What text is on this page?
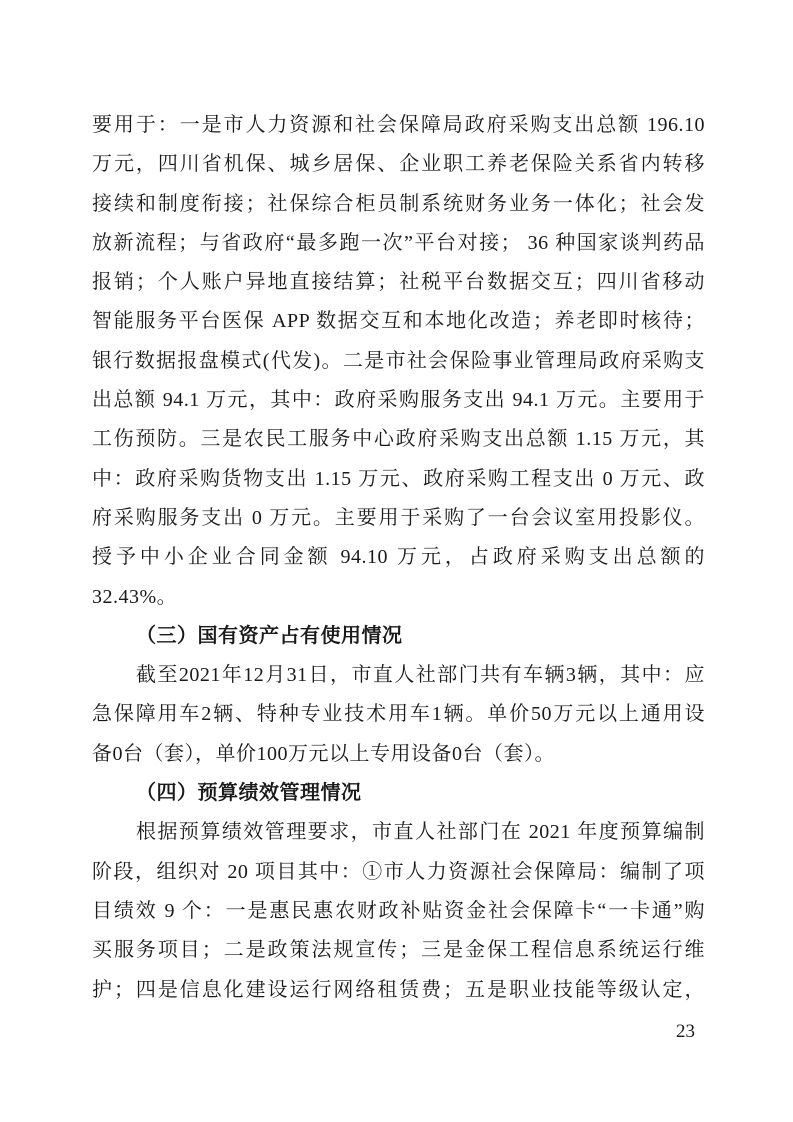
要用于：一是市人力资源和社会保障局政府采购支出总额 196.10

万元，四川省机保、城乡居保、企业职工养老保险关系省内转移

接续和制度衔接；社保综合柜员制系统财务业务一体化；社会发

放新流程；与省政府“最多跑一次”平台对接； 36 种国家谈判药品

报销；个人账户异地直接结算；社税平台数据交互；四川省移动

智能服务平台医保 APP 数据交互和本地化改造；养老即时核待；

银行数据报盘模式(代发)。二是市社会保险事业管理局政府采购支

出总额 94.1 万元，其中：政府采购服务支出 94.1 万元。主要用于

工伤预防。三是农民工服务中心政府采购支出总额 1.15 万元，其

中：政府采购货物支出 1.15 万元、政府采购工程支出 0 万元、政

府采购服务支出 0 万元。主要用于采购了一台会议室用投影仪。

授予中小企业合同金额 94.10 万元，占政府采购支出总额的

32.43%。

（三）国有资产占有使用情况

截至2021年12月31日，市直人社部门共有车辆3辆，其中：应

急保障用车2辆、特种专业技术用车1辆。单价50万元以上通用设

备0台（套），单价100万元以上专用设备0台（套）。

（四）预算绩效管理情况

根据预算绩效管理要求，市直人社部门在 2021 年度预算编制

阶段，组织对 20 项目其中：①市人力资源社会保障局：编制了项

目绩效 9 个：一是惠民惠农财政补贴资金社会保障卡“一卡通”购

买服务项目；二是政策法规宣传；三是金保工程信息系统运行维

护；四是信息化建设运行网络租赁费；五是职业技能等级认定，

23
